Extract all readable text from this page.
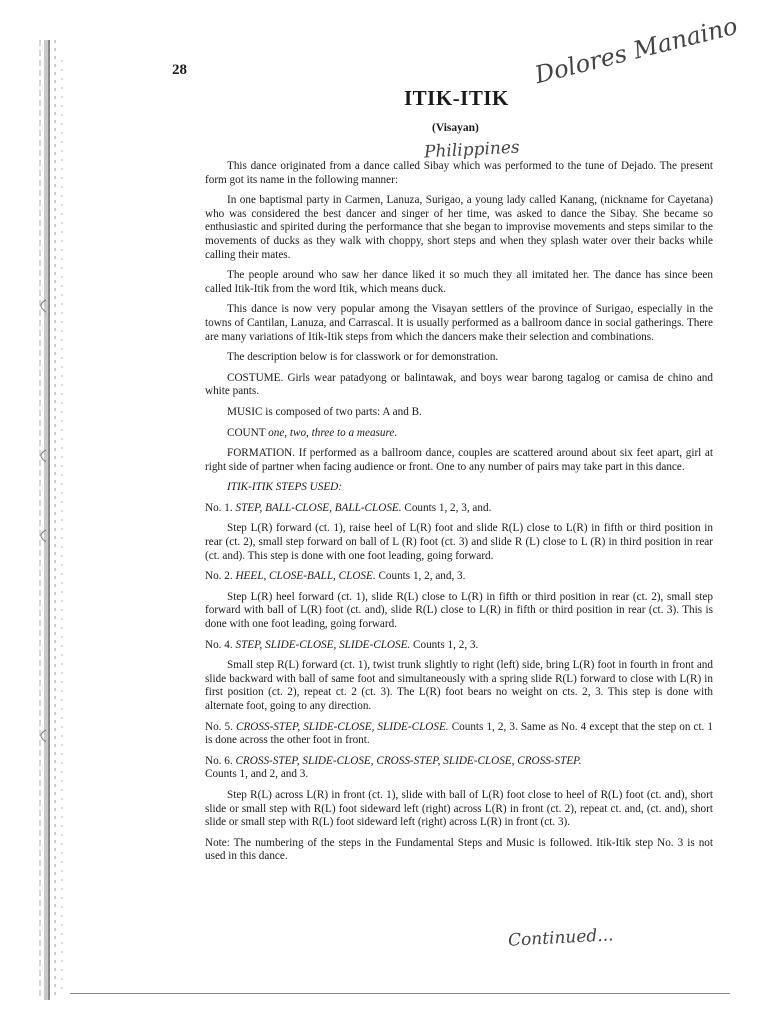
28

ITIK-ITIK

(Visayan)

Dolores Manaino

Philippines

This dance originated from a dance called Sibay which was performed to the tune of Dejado. The present form got its name in the following manner:

In one baptismal party in Carmen, Lanuza, Surigao, a young lady called Kanang, (nickname for Cayetana) who was considered the best dancer and singer of her time, was asked to dance the Sibay. She became so enthusiastic and spirited during the performance that she began to improvise movements and steps similar to the movements of ducks as they walk with choppy, short steps and when they splash water over their backs while calling their mates.

The people around who saw her dance liked it so much they all imitated her. The dance has since been called Itik-Itik from the word Itik, which means duck.

This dance is now very popular among the Visayan settlers of the province of Surigao, especially in the towns of Cantilan, Lanuza, and Carrascal. It is usually performed as a ballroom dance in social gatherings. There are many variations of Itik-Itik steps from which the dancers make their selection and combinations.

The description below is for classwork or for demonstration.

COSTUME. Girls wear patadyong or balintawak, and boys wear barong tagalog or camisa de chino and white pants.

MUSIC is composed of two parts: A and B.

COUNT one, two, three to a measure.

FORMATION. If performed as a ballroom dance, couples are scattered around about six feet apart, girl at right side of partner when facing audience or front. One to any number of pairs may take part in this dance.

ITIK-ITIK STEPS USED:

No. 1. STEP, BALL-CLOSE, BALL-CLOSE. Counts 1, 2, 3, and.

Step L(R) forward (ct. 1), raise heel of L(R) foot and slide R(L) close to L(R) in fifth or third position in rear (ct. 2), small step forward on ball of L (R) foot (ct. 3) and slide R (L) close to L (R) in third position in rear (ct. and). This step is done with one foot leading, going forward.

No. 2. HEEL, CLOSE-BALL, CLOSE. Counts 1, 2, and, 3.

Step L(R) heel forward (ct. 1), slide R(L) close to L(R) in fifth or third position in rear (ct. 2), small step forward with ball of L(R) foot (ct. and), slide R(L) close to L(R) in fifth or third position in rear (ct. 3). This is done with one foot leading, going forward.

No. 4. STEP, SLIDE-CLOSE, SLIDE-CLOSE. Counts 1, 2, 3.

Small step R(L) forward (ct. 1), twist trunk slightly to right (left) side, bring L(R) foot in fourth in front and slide backward with ball of same foot and simultaneously with a spring slide R(L) forward to close with L(R) in first position (ct. 2), repeat ct. 2 (ct. 3). The L(R) foot bears no weight on cts. 2, 3. This step is done with alternate foot, going to any direction.

No. 5. CROSS-STEP, SLIDE-CLOSE, SLIDE-CLOSE. Counts 1, 2, 3. Same as No. 4 except that the step on ct. 1 is done across the other foot in front.

No. 6. CROSS-STEP, SLIDE-CLOSE, CROSS-STEP, SLIDE-CLOSE, CROSS-STEP.
Counts 1, and 2, and 3.

Step R(L) across L(R) in front (ct. 1), slide with ball of L(R) foot close to heel of R(L) foot (ct. and), short slide or small step with R(L) foot sideward left (right) across L(R) in front (ct. 2), repeat ct. and, (ct. and), short slide or small step with R(L) foot sideward left (right) across L(R) in front (ct. 3).

Note: The numbering of the steps in the Fundamental Steps and Music is followed. Itik-Itik step No. 3 is not used in this dance.

Continued...
